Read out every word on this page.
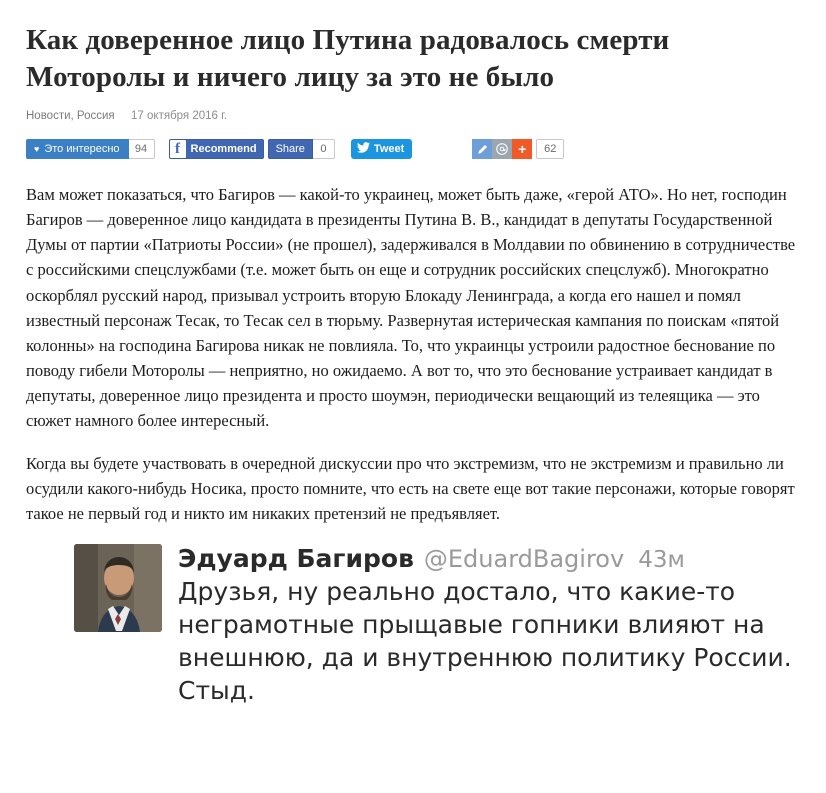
Как доверенное лицо Путина радовалось смерти Моторолы и ничего лицу за это не было
Новости, Россия 17 октября 2016 г.
♥ Это интересно	94	f Recommend Share	0	Tweet	+	62

Вам может показаться, что Багиров — какой-то украинец, может быть даже, «герой АТО». Но нет, господин Багиров — доверенное лицо кандидата в президенты Путина В. В., кандидат в депутаты Государственной Думы от партии «Патриоты России» (не прошел), задерживался в Молдавии по обвинению в сотрудничестве с российскими спецслужбами (т.е. может быть он еще и сотрудник российских спецслужб). Многократно оскорблял русский народ, призывал устроить вторую Блокаду Ленинграда, а когда его нашел и помял известный персонаж Тесак, то Тесак сел в тюрьму. Развернутая истерическая кампания по поискам «пятой колонны» на господина Багирова никак не повлияла. То, что украинцы устроили радостное беснование по поводу гибели Моторолы — неприятно, но ожидаемо. А вот то, что это беснование устраивает кандидат в депутаты, доверенное лицо президента и просто шоумэн, периодически вещающий из телеящика — это сюжет намного более интересный.

Когда вы будете участвовать в очередной дискуссии про что экстремизм, что не экстремизм и правильно ли осудили какого-нибудь Носика, просто помните, что есть на свете еще вот такие персонажи, которые говорят такое не первый год и никто им никаких претензий не предъявляет.

Эдуард Багиров @EduardBagirov 43м
Друзья, ну реально достало, что какие-то неграмотные прыщавые гопники влияют на внешнюю, да и внутреннюю политику России. Стыд.
